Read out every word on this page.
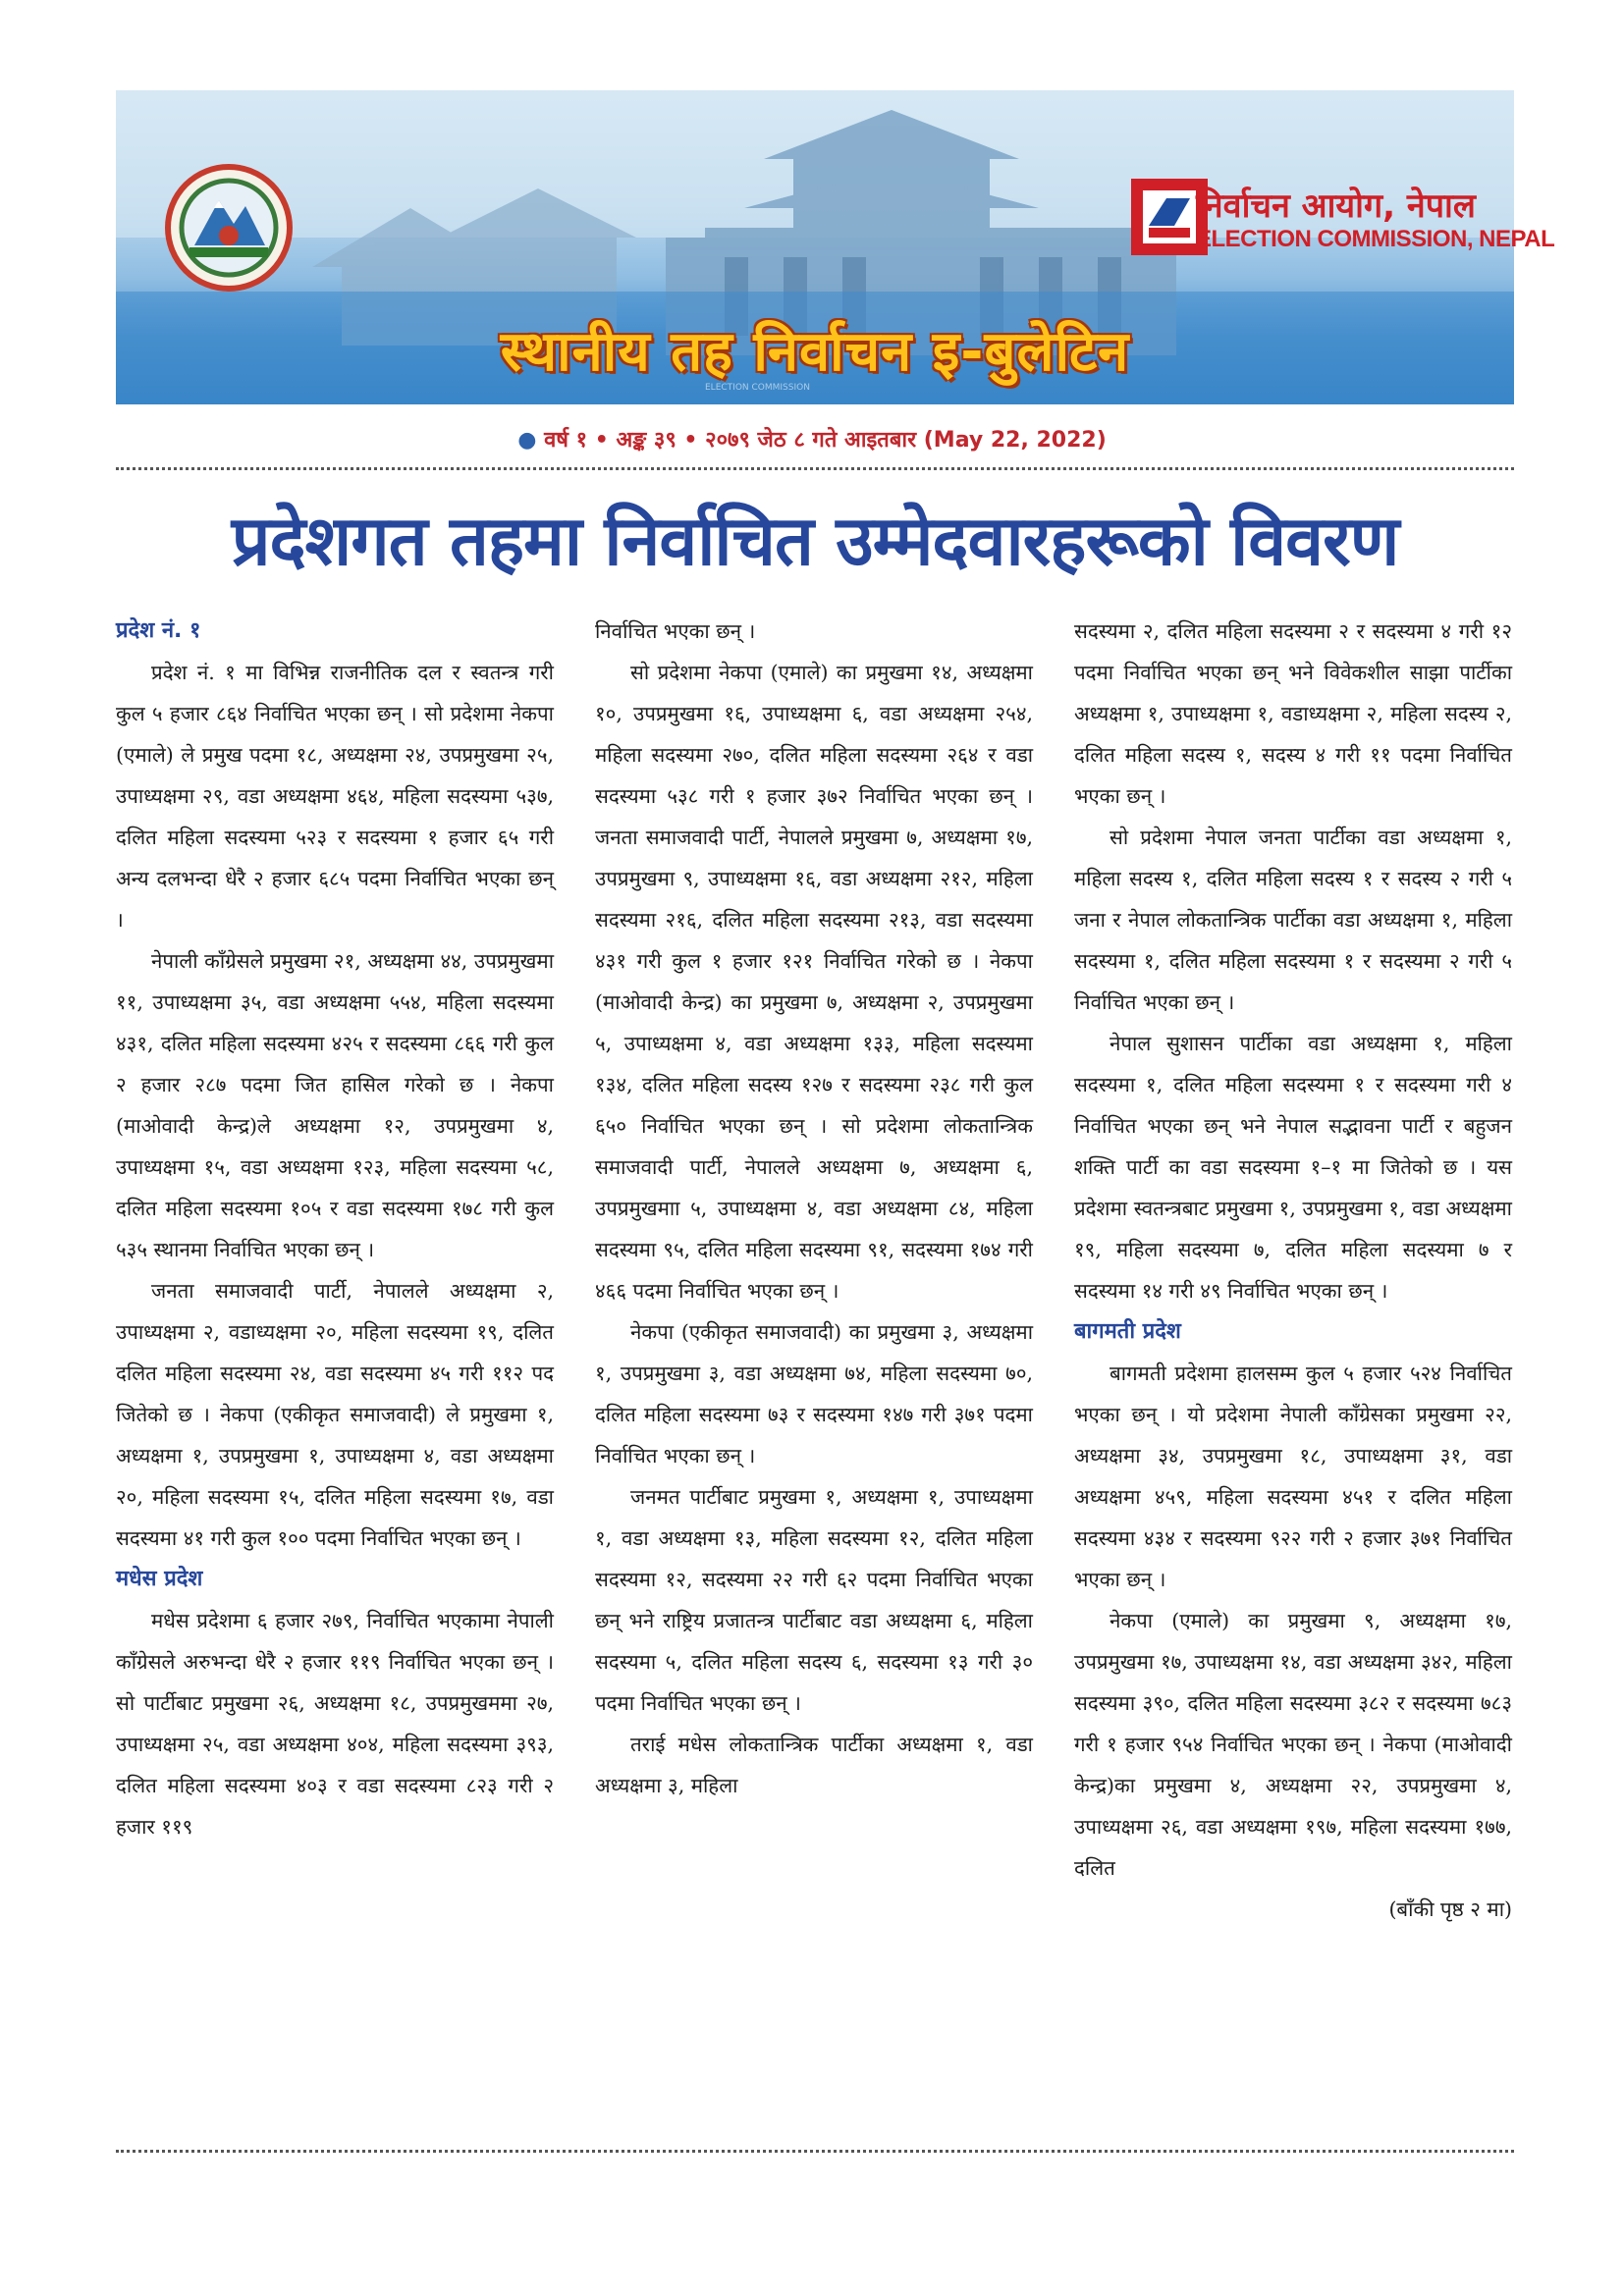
ELECTION COMMISSION
निर्वाचन आयोग, नेपाल
ELECTION COMMISSION, NEPAL
स्थानीय तह निर्वाचन इ-बुलेटिन
● वर्ष १ • अङ्क ३९ • २०७९ जेठ ८ गते आइतबार (May 22, 2022)
प्रदेशगत तहमा निर्वाचित उम्मेदवारहरूको विवरण
प्रदेश नं. १

प्रदेश नं. १ मा विभिन्न राजनीतिक दल र स्वतन्त्र गरी कुल ५ हजार ८६४ निर्वाचित भएका छन् । सो प्रदेशमा नेकपा (एमाले) ले प्रमुख पदमा १८, अध्यक्षमा २४, उपप्रमुखमा २५, उपाध्यक्षमा २९, वडा अध्यक्षमा ४६४, महिला सदस्यमा ५३७, दलित महिला सदस्यमा ५२३ र सदस्यमा १ हजार ६५ गरी अन्य दलभन्दा धेरै २ हजार ६८५ पदमा निर्वाचित भएका छन् ।

नेपाली काँग्रेसले प्रमुखमा २१, अध्यक्षमा ४४, उपप्रमुखमा ११, उपाध्यक्षमा ३५, वडा अध्यक्षमा ५५४, महिला सदस्यमा ४३१, दलित महिला सदस्यमा ४२५ र सदस्यमा ८६६ गरी कुल २ हजार २८७ पदमा जित हासिल गरेको छ । नेकपा (माओवादी केन्द्र)ले अध्यक्षमा १२, उपप्रमुखमा ४, उपाध्यक्षमा १५, वडा अध्यक्षमा १२३, महिला सदस्यमा ५८, दलित महिला सदस्यमा १०५ र वडा सदस्यमा १७८ गरी कुल ५३५ स्थानमा निर्वाचित भएका छन् ।

जनता समाजवादी पार्टी, नेपालले अध्यक्षमा २, उपाध्यक्षमा २, वडाध्यक्षमा २०, महिला सदस्यमा १९, दलित दलित महिला सदस्यमा २४, वडा सदस्यमा ४५ गरी ११२ पद जितेको छ । नेकपा (एकीकृत समाजवादी) ले प्रमुखमा १, अध्यक्षमा १, उपप्रमुखमा १, उपाध्यक्षमा ४, वडा अध्यक्षमा २०, महिला सदस्यमा १५, दलित महिला सदस्यमा १७, वडा सदस्यमा ४१ गरी कुल १०० पदमा निर्वाचित भएका छन् ।

मधेस प्रदेश

मधेस प्रदेशमा ६ हजार २७९, निर्वाचित भएकामा नेपाली काँग्रेसले अरुभन्दा धेरै २ हजार ११९ निर्वाचित भएका छन् । सो पार्टीबाट प्रमुखमा २६, अध्यक्षमा १८, उपप्रमुखममा २७, उपाध्यक्षमा २५, वडा अध्यक्षमा ४०४, महिला सदस्यमा ३९३, दलित महिला सदस्यमा ४०३ र वडा सदस्यमा ८२३ गरी २ हजार ११९

निर्वाचित भएका छन् ।

सो प्रदेशमा नेकपा (एमाले) का प्रमुखमा १४, अध्यक्षमा १०, उपप्रमुखमा १६, उपाध्यक्षमा ६, वडा अध्यक्षमा २५४, महिला सदस्यमा २७०, दलित महिला सदस्यमा २६४ र वडा सदस्यमा ५३८ गरी १ हजार ३७२ निर्वाचित भएका छन् । जनता समाजवादी पार्टी, नेपालले प्रमुखमा ७, अध्यक्षमा १७, उपप्रमुखमा ९, उपाध्यक्षमा १६, वडा अध्यक्षमा २१२, महिला सदस्यमा २१६, दलित महिला सदस्यमा २१३, वडा सदस्यमा ४३१ गरी कुल १ हजार १२१ निर्वाचित गरेको छ । नेकपा (माओवादी केन्द्र) का प्रमुखमा ७, अध्यक्षमा २, उपप्रमुखमा ५, उपाध्यक्षमा ४, वडा अध्यक्षमा १३३, महिला सदस्यमा १३४, दलित महिला सदस्य १२७ र सदस्यमा २३८ गरी कुल ६५० निर्वाचित भएका छन् । सो प्रदेशमा लोकतान्त्रिक समाजवादी पार्टी, नेपालले अध्यक्षमा ७, अध्यक्षमा ६, उपप्रमुखमाा ५, उपाध्यक्षमा ४, वडा अध्यक्षमा ८४, महिला सदस्यमा ९५, दलित महिला सदस्यमा ९१, सदस्यमा १७४ गरी ४६६ पदमा निर्वाचित भएका छन् ।

नेकपा (एकीकृत समाजवादी) का प्रमुखमा ३, अध्यक्षमा १, उपप्रमुखमा ३, वडा अध्यक्षमा ७४, महिला सदस्यमा ७०, दलित महिला सदस्यमा ७३ र सदस्यमा १४७ गरी ३७१ पदमा निर्वाचित भएका छन् ।

जनमत पार्टीबाट प्रमुखमा १, अध्यक्षमा १, उपाध्यक्षमा १, वडा अध्यक्षमा १३, महिला सदस्यमा १२, दलित महिला सदस्यमा १२, सदस्यमा २२ गरी ६२ पदमा निर्वाचित भएका छन् भने राष्ट्रिय प्रजातन्त्र पार्टीबाट वडा अध्यक्षमा ६, महिला सदस्यमा ५, दलित महिला सदस्य ६, सदस्यमा १३ गरी ३० पदमा निर्वाचित भएका छन् ।

तराई मधेस लोकतान्त्रिक पार्टीका अध्यक्षमा १, वडा अध्यक्षमा ३, महिला

सदस्यमा २, दलित महिला सदस्यमा २ र सदस्यमा ४ गरी १२ पदमा निर्वाचित भएका छन् भने विवेकशील साझा पार्टीका अध्यक्षमा १, उपाध्यक्षमा १, वडाध्यक्षमा २, महिला सदस्य २, दलित महिला सदस्य १, सदस्य ४ गरी ११ पदमा निर्वाचित भएका छन् ।

सो प्रदेशमा नेपाल जनता पार्टीका वडा अध्यक्षमा १, महिला सदस्य १, दलित महिला सदस्य १ र सदस्य २ गरी ५ जना र नेपाल लोकतान्त्रिक पार्टीका वडा अध्यक्षमा १, महिला सदस्यमा १, दलित महिला सदस्यमा १ र सदस्यमा २ गरी ५ निर्वाचित भएका छन् ।

नेपाल सुशासन पार्टीका वडा अध्यक्षमा १, महिला सदस्यमा १, दलित महिला सदस्यमा १ र सदस्यमा गरी ४ निर्वाचित भएका छन् भने नेपाल सद्भावना पार्टी र बहुजन शक्ति पार्टी का वडा सदस्यमा १–१ मा जितेको छ । यस प्रदेशमा स्वतन्त्रबाट प्रमुखमा १, उपप्रमुखमा १, वडा अध्यक्षमा १९, महिला सदस्यमा ७, दलित महिला सदस्यमा ७ र सदस्यमा १४ गरी ४९ निर्वाचित भएका छन् ।

बागमती प्रदेश

बागमती प्रदेशमा हालसम्म कुल ५ हजार ५२४ निर्वाचित भएका छन् । यो प्रदेशमा नेपाली काँग्रेसका प्रमुखमा २२, अध्यक्षमा ३४, उपप्रमुखमा १८, उपाध्यक्षमा ३१, वडा अध्यक्षमा ४५९, महिला सदस्यमा ४५१ र दलित महिला सदस्यमा ४३४ र सदस्यमा ९२२ गरी २ हजार ३७१ निर्वाचित भएका छन् ।

नेकपा (एमाले) का प्रमुखमा ९, अध्यक्षमा १७, उपप्रमुखमा १७, उपाध्यक्षमा १४, वडा अध्यक्षमा ३४२, महिला सदस्यमा ३९०, दलित महिला सदस्यमा ३८२ र सदस्यमा ७८३ गरी १ हजार ९५४ निर्वाचित भएका छन् । नेकपा (माओवादी केन्द्र)का प्रमुखमा ४, अध्यक्षमा २२, उपप्रमुखमा ४, उपाध्यक्षमा २६, वडा अध्यक्षमा १९७, महिला सदस्यमा १७७, दलित

(बाँकी पृष्ठ २ मा)
